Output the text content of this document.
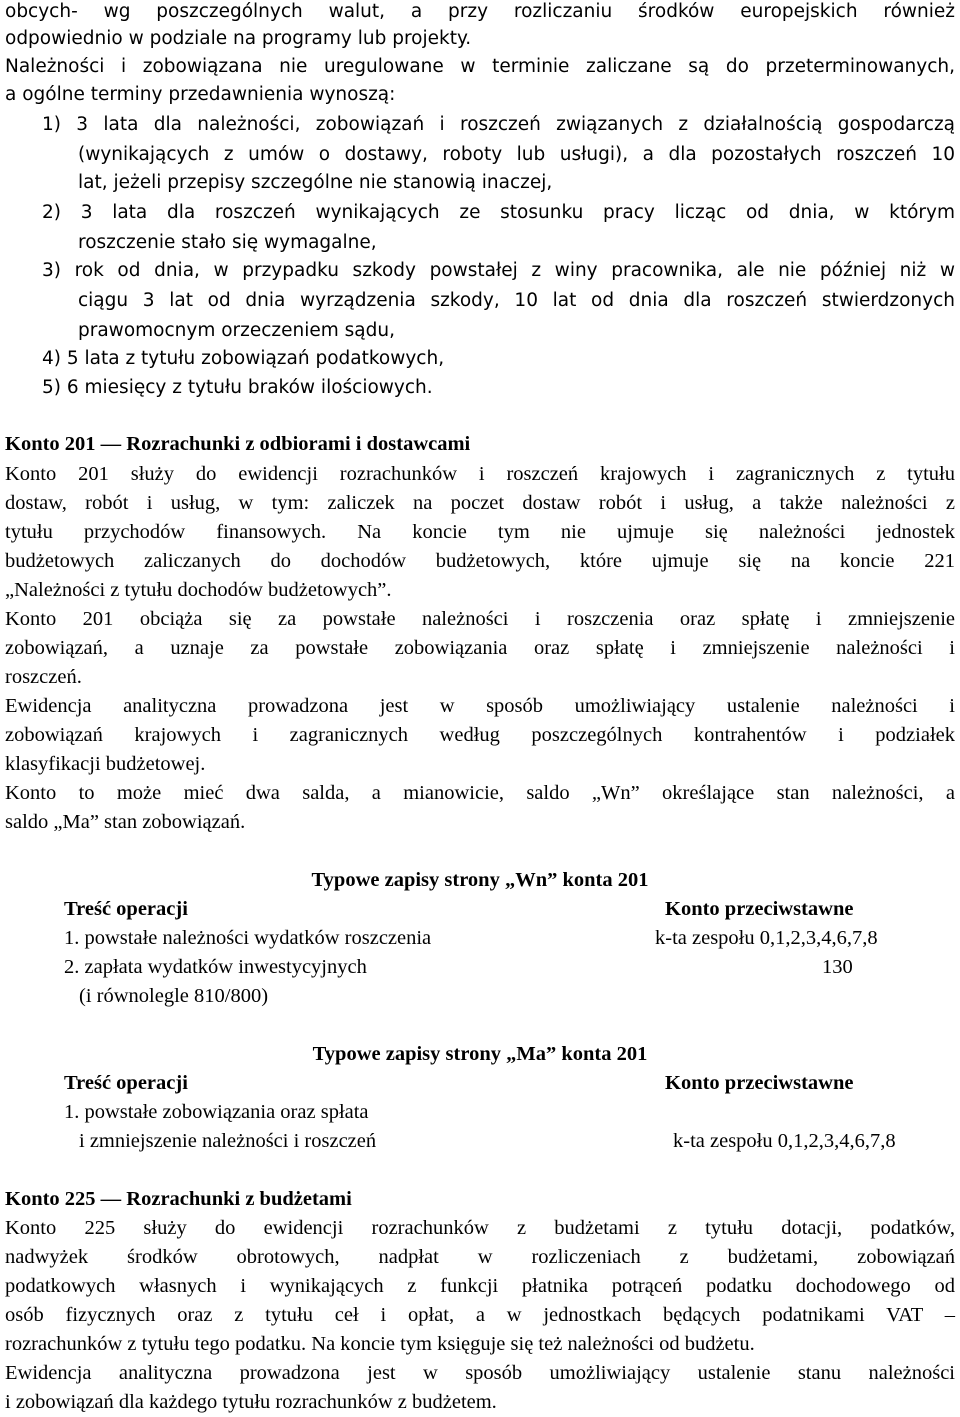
obcych- wg poszczególnych walut, a przy rozliczaniu środków europejskich również
odpowiednio w podziale na programy lub projekty.
Należności i zobowiązana nie uregulowane w terminie zaliczane są do przeterminowanych,
a ogólne terminy przedawnienia wynoszą:
1) 3 lata dla należności, zobowiązań i roszczeń związanych z działalnością gospodarczą
(wynikających z umów o dostawy, roboty lub usługi), a dla pozostałych roszczeń 10
lat, jeżeli przepisy szczególne nie stanowią inaczej,
2) 3 lata dla roszczeń wynikających ze stosunku pracy licząc od dnia, w którym
roszczenie stało się wymagalne,
3) rok od dnia, w przypadku szkody powstałej z winy pracownika, ale nie później niż w
ciągu 3 lat od dnia wyrządzenia szkody, 10 lat od dnia dla roszczeń stwierdzonych
prawomocnym orzeczeniem sądu,
4) 5 lata z tytułu zobowiązań podatkowych,
5) 6 miesięcy z tytułu braków ilościowych.
Konto 201 — Rozrachunki z odbiorami i dostawcami
Konto 201 służy do ewidencji rozrachunków i roszczeń krajowych i zagranicznych z tytułu
dostaw, robót i usług, w tym: zaliczek na poczet dostaw robót i usług, a także należności z
tytułu przychodów finansowych. Na koncie tym nie ujmuje się należności jednostek
budżetowych zaliczanych do dochodów budżetowych, które ujmuje się na koncie 221
„Należności z tytułu dochodów budżetowych”.
Konto 201 obciąża się za powstałe należności i roszczenia oraz spłatę i zmniejszenie
zobowiązań, a uznaje za powstałe zobowiązania oraz spłatę i zmniejszenie należności i
roszczeń.
Ewidencja analityczna prowadzona jest w sposób umożliwiający ustalenie należności i
zobowiązań krajowych i zagranicznych według poszczególnych kontrahentów i podziałek
klasyfikacji budżetowej.
Konto to może mieć dwa salda, a mianowicie, saldo „Wn” określające stan należności, a
saldo „Ma” stan zobowiązań.
Typowe zapisy strony „Wn” konta 201
Treść operacji	Konto przeciwstawne
1. powstałe należności wydatków roszczenia	k-ta zespołu 0,1,2,3,4,6,7,8
2. zapłata wydatków inwestycyjnych	130
(i równolegle 810/800)
Typowe zapisy strony „Ma” konta 201
Treść operacji	Konto przeciwstawne
1. powstałe zobowiązania oraz spłata
i zmniejszenie należności i roszczeń	k-ta zespołu 0,1,2,3,4,6,7,8
Konto 225 — Rozrachunki z budżetami
Konto 225 służy do ewidencji rozrachunków z budżetami z tytułu dotacji, podatków,
nadwyżek środków obrotowych, nadpłat w rozliczeniach z budżetami, zobowiązań
podatkowych własnych i wynikających z funkcji płatnika potrąceń podatku dochodowego od
osób fizycznych oraz z tytułu ceł i opłat, a w jednostkach będących podatnikami VAT –
rozrachunków z tytułu tego podatku. Na koncie tym księguje się też należności od budżetu.
Ewidencja analityczna prowadzona jest w sposób umożliwiający ustalenie stanu należności
i zobowiązań dla każdego tytułu rozrachunków z budżetem.
